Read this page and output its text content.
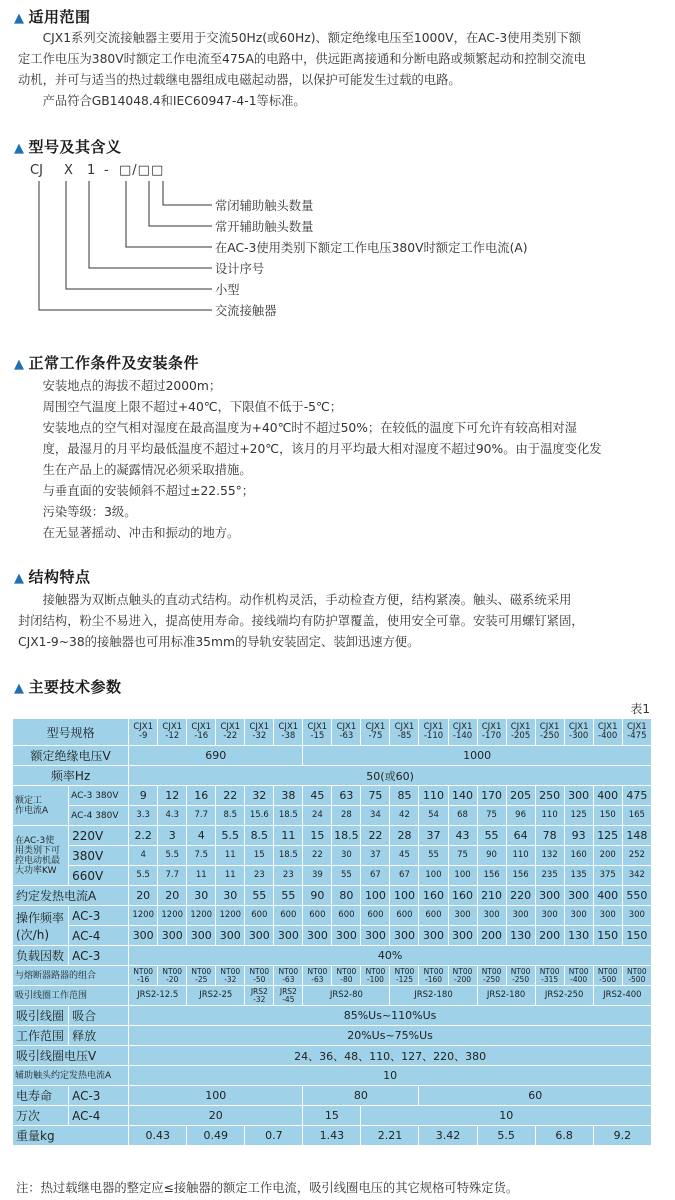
▲ 适用范围

CJX1系列交流接触器主要用于交流50Hz(或60Hz)、额定绝缘电压至1000V，在AC-3使用类别下额

定工作电压为380V时额定工作电流至475A的电路中，供远距离接通和分断电路或频繁起动和控制交流电

动机，并可与适当的热过载继电器组成电磁起动器，以保护可能发生过载的电路。

产品符合GB14048.4和IEC60947-4-1等标准。

▲ 型号及其含义
CJ X 1 - □/□□
常闭辅助触头数量
常开辅助触头数量
在AC-3使用类别下额定工作电压380V时额定工作电流(A)
设计序号
小型
交流接触器
▲ 正常工作条件及安装条件

安装地点的海拔不超过2000m；

周围空气温度上限不超过+40℃，下限值不低于-5℃；

安装地点的空气相对湿度在最高温度为+40℃时不超过50%；在较低的温度下可允许有较高相对湿

度，最湿月的月平均最低温度不超过+20℃，该月的月平均最大相对湿度不超过90%。由于温度变化发

生在产品上的凝露情况必须采取措施。

与垂直面的安装倾斜不超过±22.55°；

污染等级：3级。

在无显著摇动、冲击和振动的地方。

▲ 结构特点

接触器为双断点触头的直动式结构。动作机构灵活，手动检查方便，结构紧凑。触头、磁系统采用

封闭结构，粉尘不易进入，提高使用寿命。接线端均有防护罩覆盖，使用安全可靠。安装可用螺钉紧固，

CJX1-9~38的接触器也可用标准35mm的导轨安装固定、装卸迅速方便。

▲ 主要技术参数
表1
型号规格		CJX1 -9	CJX1 -12	CJX1 -16	CJX1 -22	CJX1 -32	CJX1 -38	CJX1 -15	CJX1 -63	CJX1 -75	CJX1 -85	CJX1 -110	CJX1 -140	CJX1 -170	CJX1 -205	CJX1 -250	CJX1 -300	CJX1 -400	CJX1 -475
额定绝缘电压V		690						1000											
频率Hz		50(或60)																	
额定工
作电流A	AC-3 380V	9	12	16	22	32	38	45	63	75	85	110	140	170	205	250	300	400	475
	AC-4 380V	3.3	4.3	7.7	8.5	15.6	18.5	24	28	34	42	54	68	75	96	110	125	150	165
在AC-3使
用类别下可
控电动机最
大功率KW	220V	2.2	3	4	5.5	8.5	11	15	18.5	22	28	37	43	55	64	78	93	125	148
	380V	4	5.5	7.5	11	15	18.5	22	30	37	45	55	75	90	110	132	160	200	252
	660V	5.5	7.7	11	11	23	23	39	55	67	67	100	100	156	156	235	135	375	342
约定发热电流A		20	20	30	30	55	55	90	80	100	100	160	160	210	220	300	300	400	550
操作频率
(次/h)	AC-3	1200	1200	1200	1200	600	600	600	600	600	600	600	300	300	300	300	300	300	300
	AC-4	300	300	300	300	300	300	300	300	300	300	300	300	200	130	200	130	150	150
负载因数	AC-3	40%																	
与熔断器路器的组合		NT00 -16	NT00 -20	NT00 -25	NT00 -32	NT00 -50	NT00 -63	NT00 -63	NT00 -80	NT00 -100	NT00 -125	NT00 -160	NT00 -200	NT00 -250	NT00 -250	NT00 -315	NT00 -400	NT00 -500	NT00 -500
吸引线圈工作范围		JRS2-12.5		JRS2-25		JRS2 -32	JRS2 -45	JRS2-80			JRS2-180			JRS2-180		JRS2-250		JRS2-400	
吸引线圈	吸合	85%Us~110%Us																	
工作范围	释放	20%Us~75%Us																	
吸引线圈电压V		24、36、48、110、127、220、380																	
辅助触头约定发热电流A		10																	
电寿命	AC-3	100						80				60							
万次	AC-4	20						15		10									
重量kg		0.43		0.49		0.7		1.43		2.21		3.42		5.5		6.8		9.2	
注：热过载继电器的整定应≤接触器的额定工作电流，吸引线圈电压的其它规格可特殊定货。
